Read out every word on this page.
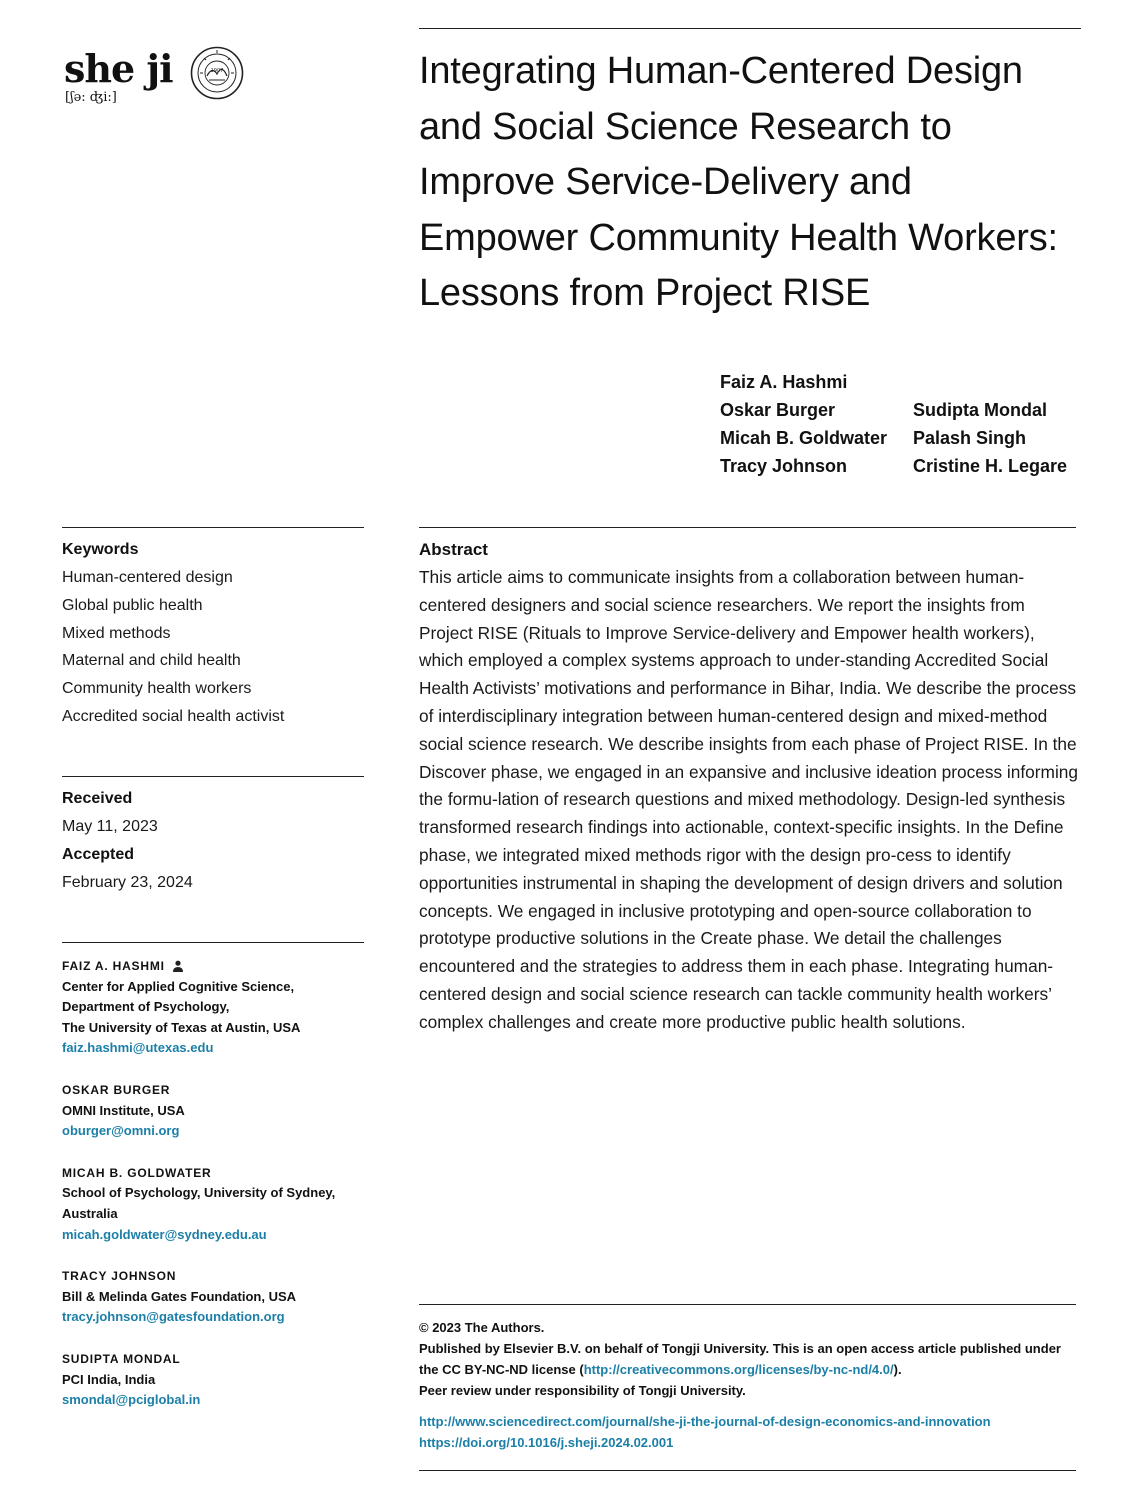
she ji
[ʃə: ʤi:]
1907	Integrating Human-Centered Design and Social Science Research to Improve Service-Delivery and Empower Community Health Workers: Lessons from Project RISE
Faiz A. Hashmi
Oskar Burger
Micah B. Goldwater
Tracy Johnson
Sudipta Mondal
Palash Singh
Cristine H. Legare
Keywords
Human-centered design
Global public health
Mixed methods
Maternal and child health
Community health workers
Accredited social health activist
Received
May 11, 2023
Accepted
February 23, 2024
FAIZ A. HASHMI
Center for Applied Cognitive Science,
Department of Psychology,
The University of Texas at Austin, USA
faiz.hashmi@utexas.edu
OSKAR BURGER
OMNI Institute, USA
oburger@omni.org
MICAH B. GOLDWATER
School of Psychology, University of Sydney,
Australia
micah.goldwater@sydney.edu.au
TRACY JOHNSON
Bill & Melinda Gates Foundation, USA
tracy.johnson@gatesfoundation.org
SUDIPTA MONDAL
PCI India, India
smondal@pciglobal.in
Abstract

This article aims to communicate insights from a collaboration between human-centered designers and social science researchers. We report the insights from Project RISE (Rituals to Improve Service-delivery and Empower health workers), which employed a complex systems approach to under-standing Accredited Social Health Activists’ motivations and performance in Bihar, India. We describe the process of interdisciplinary integration between human-centered design and mixed-method social science research. We describe insights from each phase of Project RISE. In the Discover phase, we engaged in an expansive and inclusive ideation process informing the formu-lation of research questions and mixed methodology. Design-led synthesis transformed research findings into actionable, context-specific insights. In the Define phase, we integrated mixed methods rigor with the design pro-cess to identify opportunities instrumental in shaping the development of design drivers and solution concepts. We engaged in inclusive prototyping and open-source collaboration to prototype productive solutions in the Create phase. We detail the challenges encountered and the strategies to address them in each phase. Integrating human-centered design and social science research can tackle community health workers’ complex challenges and create more productive public health solutions.

© 2023 The Authors.
Published by Elsevier B.V. on behalf of Tongji University. This is an open access article published under the CC BY-NC-ND license (http://creativecommons.org/licenses/by-nc-nd/4.0/).
Peer review under responsibility of Tongji University.
http://www.sciencedirect.com/journal/she-ji-the-journal-of-design-economics-and-innovation
https://doi.org/10.1016/j.sheji.2024.02.001
